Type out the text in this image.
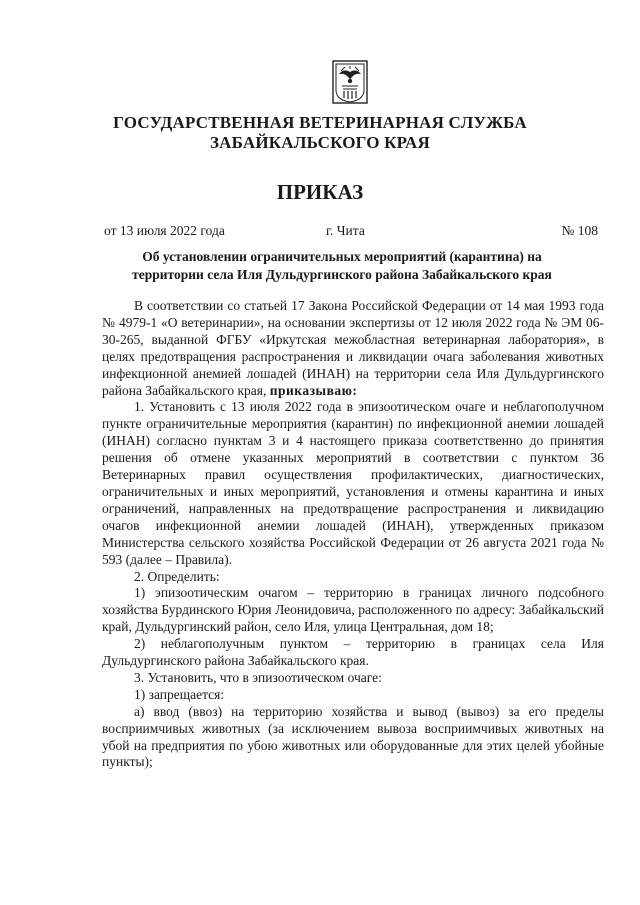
ГОСУДАРСТВЕННАЯ ВЕТЕРИНАРНАЯ СЛУЖБА
ЗАБАЙКАЛЬСКОГО КРАЯ
ПРИКАЗ
от 13 июля 2022 года	г. Чита	№ 108
Об установлении ограничительных мероприятий (карантина) на
территории села Иля Дульдургинского района Забайкальского края

В соответствии со статьей 17 Закона Российской Федерации от 14 мая 1993 года № 4979-1 «О ветеринарии», на основании экспертизы от 12 июля 2022 года № ЭМ 06-30-265, выданной ФГБУ «Иркутская межобластная ветеринарная лаборатория», в целях предотвращения распространения и ликвидации очага заболевания животных инфекционной анемией лошадей (ИНАН) на территории села Иля Дульдургинского района Забайкальского края, приказываю:

1. Установить с 13 июля 2022 года в эпизоотическом очаге и неблагополучном пункте ограничительные мероприятия (карантин) по инфекционной анемии лошадей (ИНАН) согласно пунктам 3 и 4 настоящего приказа соответственно до принятия решения об отмене указанных мероприятий в соответствии с пунктом 36 Ветеринарных правил осуществления профилактических, диагностических, ограничительных и иных мероприятий, установления и отмены карантина и иных ограничений, направленных на предотвращение распространения и ликвидацию очагов инфекционной анемии лошадей (ИНАН), утвержденных приказом Министерства сельского хозяйства Российской Федерации от 26 августа 2021 года № 593 (далее – Правила).

2. Определить:

1) эпизоотическим очагом – территорию в границах личного подсобного хозяйства Бурдинского Юрия Леонидовича, расположенного по адресу: Забайкальский край, Дульдургинский район, село Иля, улица Центральная, дом 18;

2) неблагополучным пунктом – территорию в границах села Иля Дульдургинского района Забайкальского края.

3. Установить, что в эпизоотическом очаге:

1) запрещается:

а) ввод (ввоз) на территорию хозяйства и вывод (вывоз) за его пределы восприимчивых животных (за исключением вывоза восприимчивых животных на убой на предприятия по убою животных или оборудованные для этих целей убойные пункты);
